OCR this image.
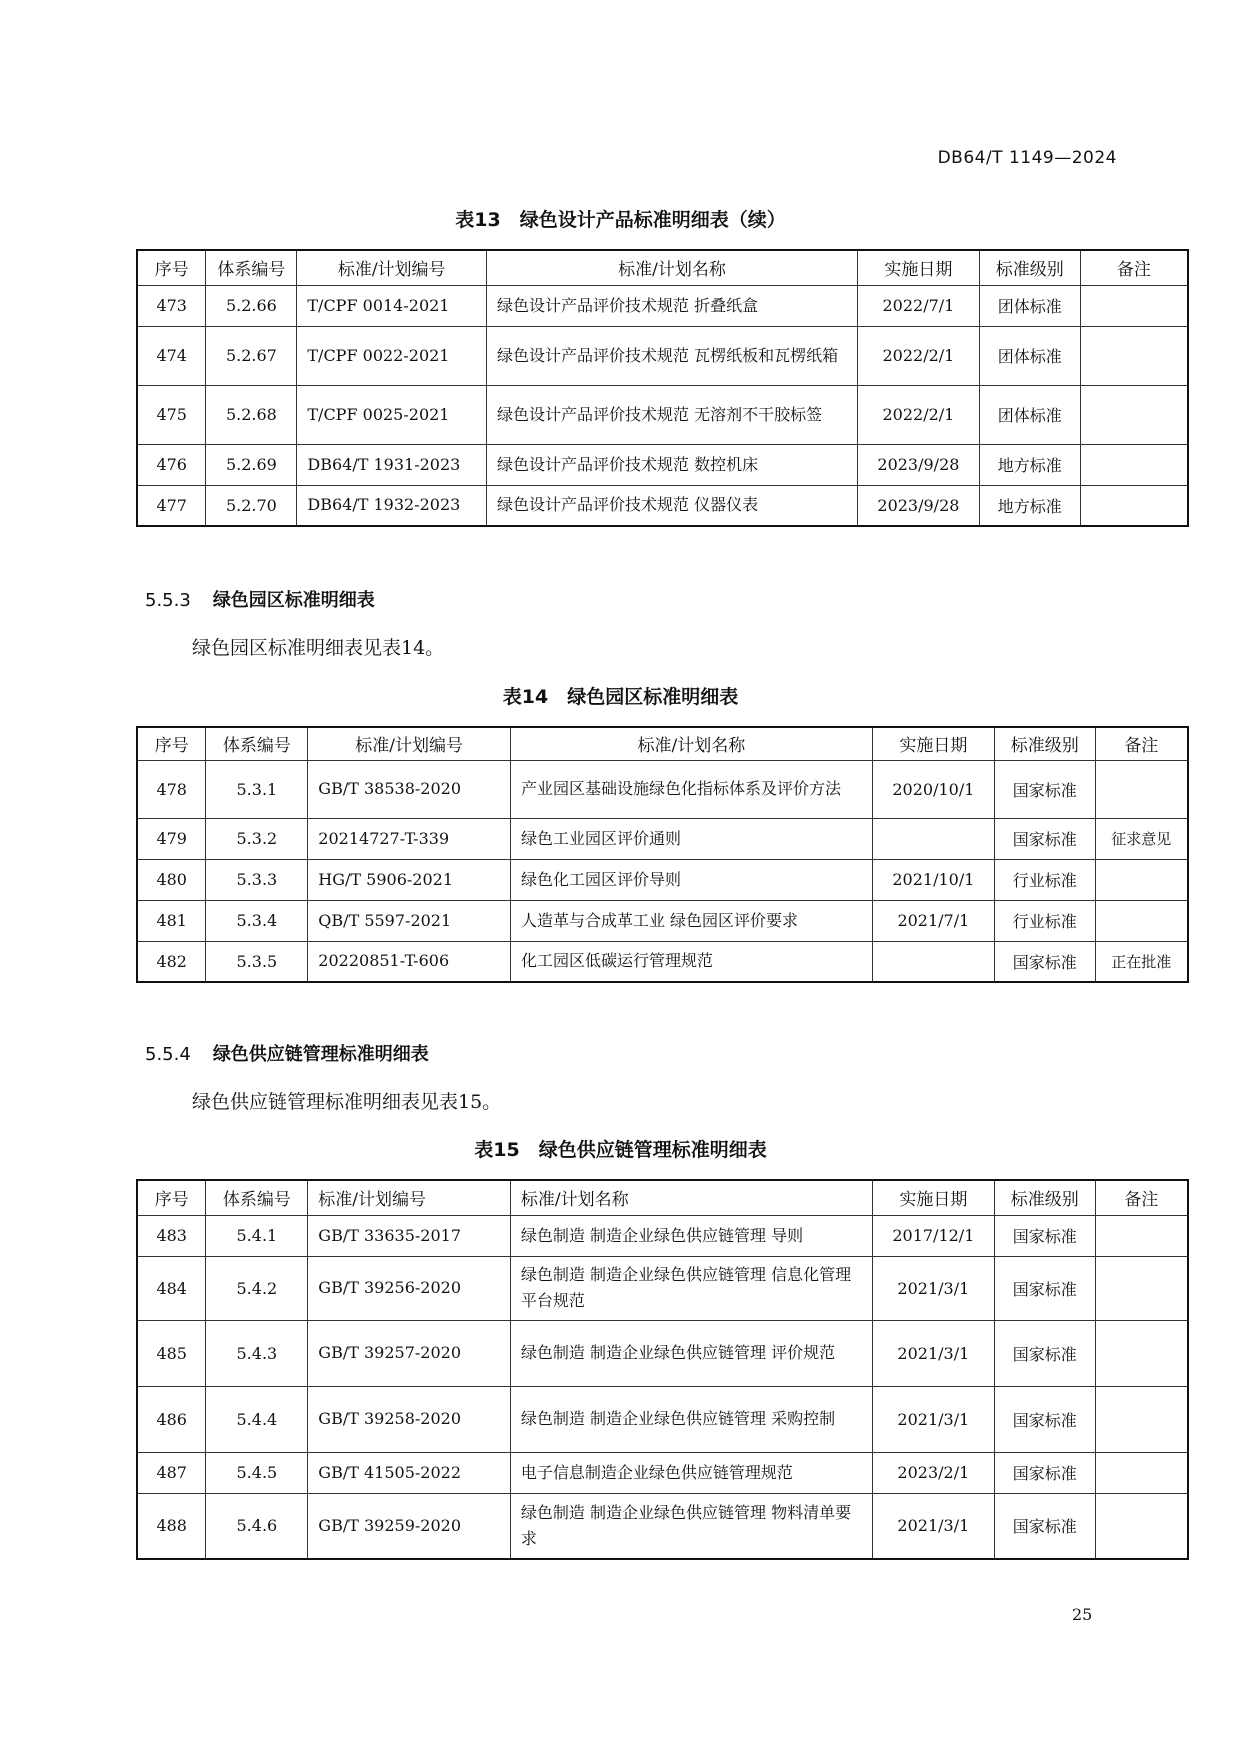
DB64/T 1149—2024
表13　绿色设计产品标准明细表（续）
序号	体系编号	标准/计划编号	标准/计划名称	实施日期	标准级别	备注
473	5.2.66	T/CPF 0014-2021	绿色设计产品评价技术规范 折叠纸盒	2022/7/1	团体标准	
474	5.2.67	T/CPF 0022-2021	绿色设计产品评价技术规范 瓦楞纸板和瓦楞纸箱	2022/2/1	团体标准	
475	5.2.68	T/CPF 0025-2021	绿色设计产品评价技术规范 无溶剂不干胶标签	2022/2/1	团体标准	
476	5.2.69	DB64/T 1931-2023	绿色设计产品评价技术规范 数控机床	2023/9/28	地方标准	
477	5.2.70	DB64/T 1932-2023	绿色设计产品评价技术规范 仪器仪表	2023/9/28	地方标准	
5.5.3 绿色园区标准明细表
绿色园区标准明细表见表14。
表14　绿色园区标准明细表
序号	体系编号	标准/计划编号	标准/计划名称	实施日期	标准级别	备注
478	5.3.1	GB/T 38538-2020	产业园区基础设施绿色化指标体系及评价方法	2020/10/1	国家标准	
479	5.3.2	20214727-T-339	绿色工业园区评价通则		国家标准	征求意见
480	5.3.3	HG/T 5906-2021	绿色化工园区评价导则	2021/10/1	行业标准	
481	5.3.4	QB/T 5597-2021	人造革与合成革工业 绿色园区评价要求	2021/7/1	行业标准	
482	5.3.5	20220851-T-606	化工园区低碳运行管理规范		国家标准	正在批准
5.5.4 绿色供应链管理标准明细表
绿色供应链管理标准明细表见表15。
表15　绿色供应链管理标准明细表
序号	体系编号	标准/计划编号	标准/计划名称	实施日期	标准级别	备注
483	5.4.1	GB/T 33635-2017	绿色制造 制造企业绿色供应链管理 导则	2017/12/1	国家标准	
484	5.4.2	GB/T 39256-2020	绿色制造 制造企业绿色供应链管理 信息化管理平台规范	2021/3/1	国家标准	
485	5.4.3	GB/T 39257-2020	绿色制造 制造企业绿色供应链管理 评价规范	2021/3/1	国家标准	
486	5.4.4	GB/T 39258-2020	绿色制造 制造企业绿色供应链管理 采购控制	2021/3/1	国家标准	
487	5.4.5	GB/T 41505-2022	电子信息制造企业绿色供应链管理规范	2023/2/1	国家标准	
488	5.4.6	GB/T 39259-2020	绿色制造 制造企业绿色供应链管理 物料清单要求	2021/3/1	国家标准	
25
